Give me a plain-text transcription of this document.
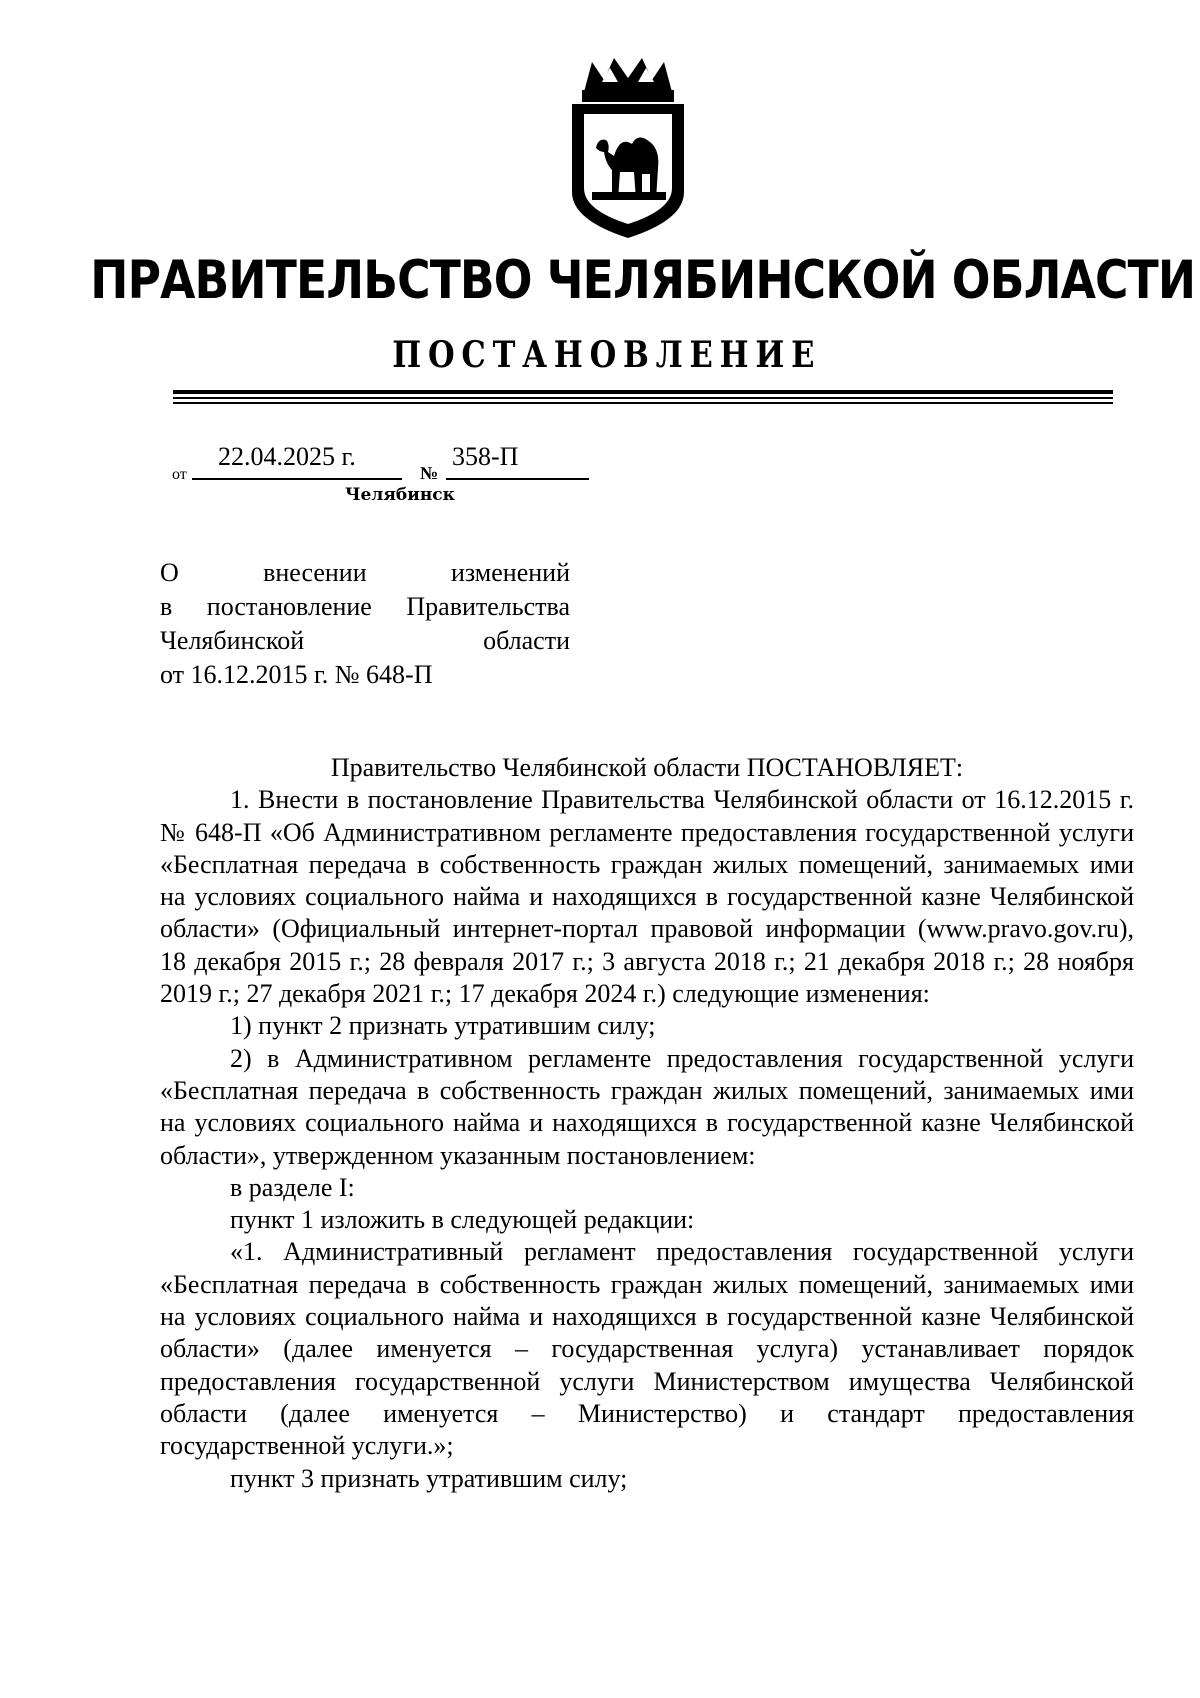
ПРАВИТЕЛЬСТВО ЧЕЛЯБИНСКОЙ ОБЛАСТИ
ПОСТАНОВЛЕНИЕ
от
22.04.2025 г.
№
358-П
Челябинск
О внесении изменений
в постановление Правительства
Челябинской области
от 16.12.2015 г. № 648-П

Правительство Челябинской области ПОСТАНОВЛЯЕТ:

1. Внести в постановление Правительства Челябинской области от 16.12.2015 г. № 648-П «Об Административном регламенте предоставления государственной услуги «Бесплатная передача в собственность граждан жилых помещений, занимаемых ими на условиях социального найма и находящихся в государственной казне Челябинской области» (Официальный интернет-портал правовой информации (www.pravo.gov.ru), 18 декабря 2015 г.; 28 февраля 2017 г.; 3 августа 2018 г.; 21 декабря 2018 г.; 28 ноября 2019 г.; 27 декабря 2021 г.; 17 декабря 2024 г.) следующие изменения:

1) пункт 2 признать утратившим силу;

2) в Административном регламенте предоставления государственной услуги «Бесплатная передача в собственность граждан жилых помещений, занимаемых ими на условиях социального найма и находящихся в государственной казне Челябинской области», утвержденном указанным постановлением:

в разделе I:

пункт 1 изложить в следующей редакции:

«1. Административный регламент предоставления государственной услуги «Бесплатная передача в собственность граждан жилых помещений, занимаемых ими на условиях социального найма и находящихся в государственной казне Челябинской области» (далее именуется – государственная услуга) устанавливает порядок предоставления государственной услуги Министерством имущества Челябинской области (далее именуется – Министерство) и стандарт предоставления государственной услуги.»;

пункт 3 признать утратившим силу;
